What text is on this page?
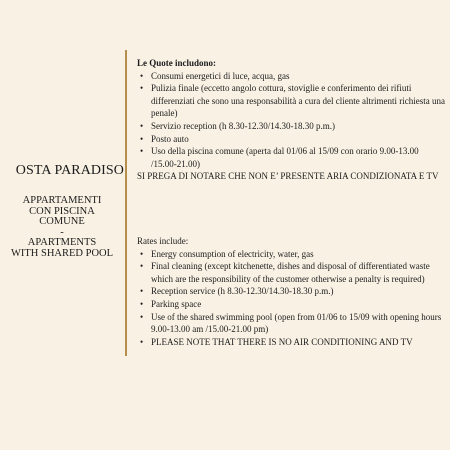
OSTA PARADISO
APPARTAMENTI
CON PISCINA
COMUNE
-
APARTMENTS
WITH SHARED POOL
Le Quote includono:
• Consumi energetici di luce, acqua, gas
• Pulizia finale (eccetto angolo cottura, stoviglie e conferimento dei rifiuti differenziati che sono una responsabilità a cura del cliente altrimenti richiesta una penale)
• Servizio reception (h 8.30-12.30/14.30-18.30 p.m.)
• Posto auto
• Uso della piscina comune (aperta dal 01/06 al 15/09 con orario 9.00-13.00 /15.00-21.00)
SI PREGA DI NOTARE CHE NON E’ PRESENTE ARIA CONDIZIONATA E TV
Rates include:
• Energy consumption of electricity, water, gas
• Final cleaning (except kitchenette, dishes and disposal of differentiated waste which are the responsibility of the customer otherwise a penalty is required)
• Reception service (h 8.30-12.30/14.30-18.30 p.m.)
• Parking space
• Use of the shared swimming pool (open from 01/06 to 15/09 with opening hours 9.00-13.00 am /15.00-21.00 pm)
• PLEASE NOTE THAT THERE IS NO AIR CONDITIONING AND TV
